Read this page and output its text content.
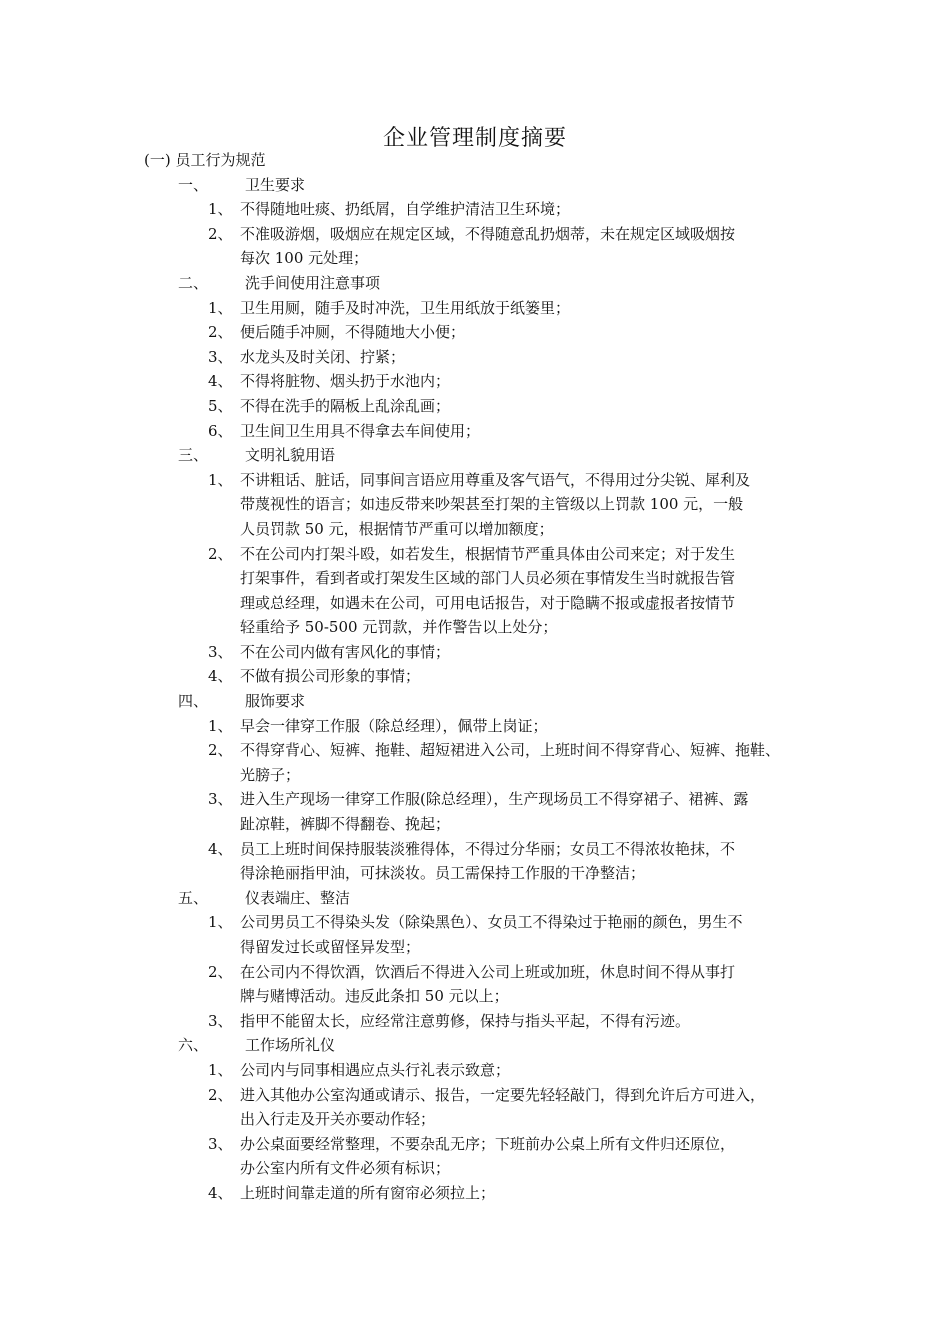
企业管理制度摘要
(一) 员工行为规范
一、 卫生要求
1、 不得随地吐痰、扔纸屑，自学维护清洁卫生环境；

2、 不准吸游烟，吸烟应在规定区域，不得随意乱扔烟蒂，未在规定区域吸烟按

每次 100 元处理；

二、 洗手间使用注意事项
1、 卫生用厕，随手及时冲洗，卫生用纸放于纸篓里；

2、 便后随手冲厕，不得随地大小便；

3、 水龙头及时关闭、拧紧；

4、 不得将脏物、烟头扔于水池内；

5、 不得在洗手的隔板上乱涂乱画；

6、 卫生间卫生用具不得拿去车间使用；

三、 文明礼貌用语
1、 不讲粗话、脏话，同事间言语应用尊重及客气语气，不得用过分尖锐、犀利及

带蔑视性的语言；如违反带来吵架甚至打架的主管级以上罚款 100 元，一般

人员罚款 50 元，根据情节严重可以增加额度；

2、 不在公司内打架斗殴，如若发生，根据情节严重具体由公司来定；对于发生

打架事件，看到者或打架发生区域的部门人员必须在事情发生当时就报告管

理或总经理，如遇未在公司，可用电话报告，对于隐瞒不报或虚报者按情节

轻重给予 50-500 元罚款，并作警告以上处分；

3、 不在公司内做有害风化的事情；

4、 不做有损公司形象的事情；

四、 服饰要求
1、 早会一律穿工作服（除总经理），佩带上岗证；

2、 不得穿背心、短裤、拖鞋、超短裙进入公司，上班时间不得穿背心、短裤、拖鞋、

光膀子；

3、 进入生产现场一律穿工作服(除总经理），生产现场员工不得穿裙子、裙裤、露

趾凉鞋，裤脚不得翻卷、挽起；

4、 员工上班时间保持服装淡雅得体，不得过分华丽；女员工不得浓妆艳抹，不

得涂艳丽指甲油，可抹淡妆。员工需保持工作服的干净整洁；

五、 仪表端庄、整洁
1、 公司男员工不得染头发（除染黑色）、女员工不得染过于艳丽的颜色，男生不

得留发过长或留怪异发型；

2、 在公司内不得饮酒，饮酒后不得进入公司上班或加班，休息时间不得从事打

牌与赌博活动。违反此条扣 50 元以上；

3、 指甲不能留太长，应经常注意剪修，保持与指头平起，不得有污迹。

六、 工作场所礼仪
1、 公司内与同事相遇应点头行礼表示致意；

2、 进入其他办公室沟通或请示、报告，一定要先轻轻敲门，得到允许后方可进入，

出入行走及开关亦要动作轻；

3、 办公桌面要经常整理，不要杂乱无序；下班前办公桌上所有文件归还原位，

办公室内所有文件必须有标识；

4、 上班时间靠走道的所有窗帘必须拉上；
